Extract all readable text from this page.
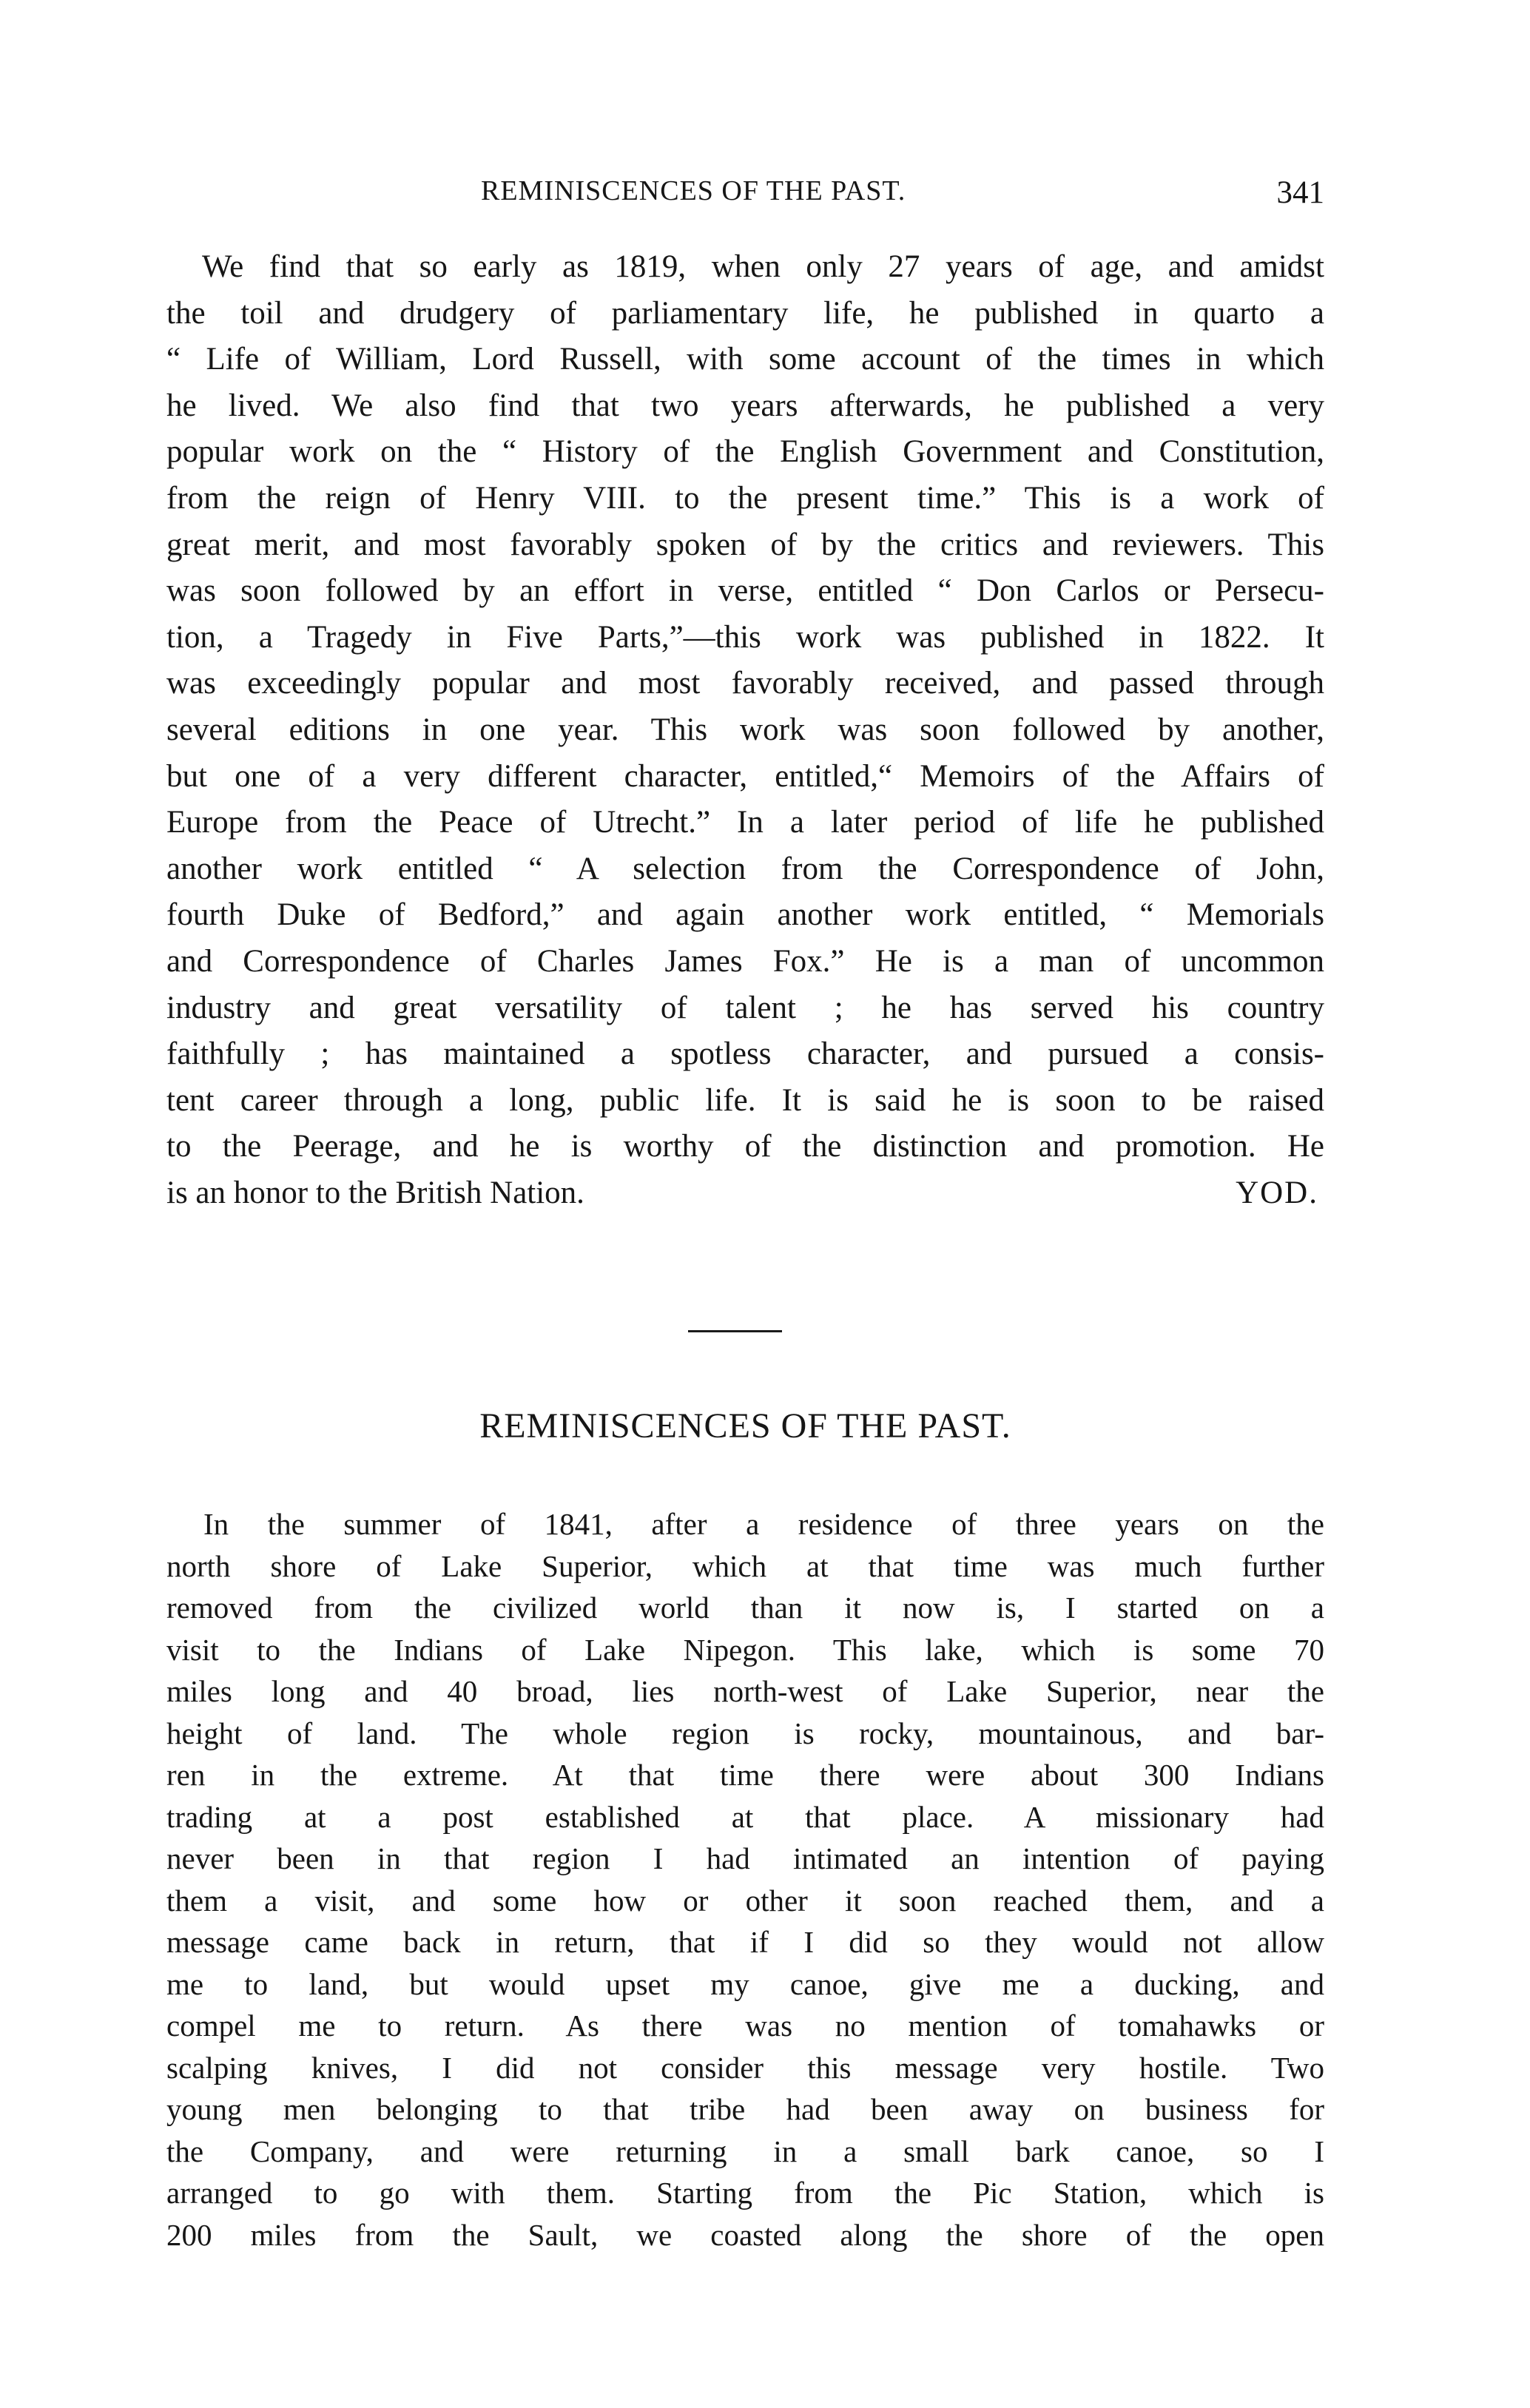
REMINISCENCES OF THE PAST.	341
We find that so early as 1819, when only 27 years of age, and amidst
the toil and drudgery of parliamentary life, he published in quarto a
“ Life of William, Lord Russell, with some account of the times in which
he lived. We also find that two years afterwards, he published a very
popular work on the “ History of the English Government and Constitution,
from the reign of Henry VIII. to the present time.” This is a work of
great merit, and most favorably spoken of by the critics and reviewers. This
was soon followed by an effort in verse, entitled “ Don Carlos or Persecu-
tion, a Tragedy in Five Parts,”—this work was published in 1822. It
was exceedingly popular and most favorably received, and passed through
several editions in one year. This work was soon followed by another,
but one of a very different character, entitled,“ Memoirs of the Affairs of
Europe from the Peace of Utrecht.” In a later period of life he published
another work entitled “ A selection from the Correspondence of John,
fourth Duke of Bedford,” and again another work entitled, “ Memorials
and Correspondence of Charles James Fox.” He is a man of uncommon
industry and great versatility of talent ; he has served his country
faithfully ; has maintained a spotless character, and pursued a consis-
tent career through a long, public life. It is said he is soon to be raised
to the Peerage, and he is worthy of the distinction and promotion. He
is an honor to the British Nation.	YOD.
REMINISCENCES OF THE PAST.
In the summer of 1841, after a residence of three years on the
north shore of Lake Superior, which at that time was much further
removed from the civilized world than it now is, I started on a
visit to the Indians of Lake Nipegon. This lake, which is some 70
miles long and 40 broad, lies north-west of Lake Superior, near the
height of land. The whole region is rocky, mountainous, and bar-
ren in the extreme. At that time there were about 300 Indians
trading at a post established at that place. A missionary had
never been in that region I had intimated an intention of paying
them a visit, and some how or other it soon reached them, and a
message came back in return, that if I did so they would not allow
me to land, but would upset my canoe, give me a ducking, and
compel me to return. As there was no mention of tomahawks or
scalping knives, I did not consider this message very hostile. Two
young men belonging to that tribe had been away on business for
the Company, and were returning in a small bark canoe, so I
arranged to go with them. Starting from the Pic Station, which is
200 miles from the Sault, we coasted along the shore of the open
